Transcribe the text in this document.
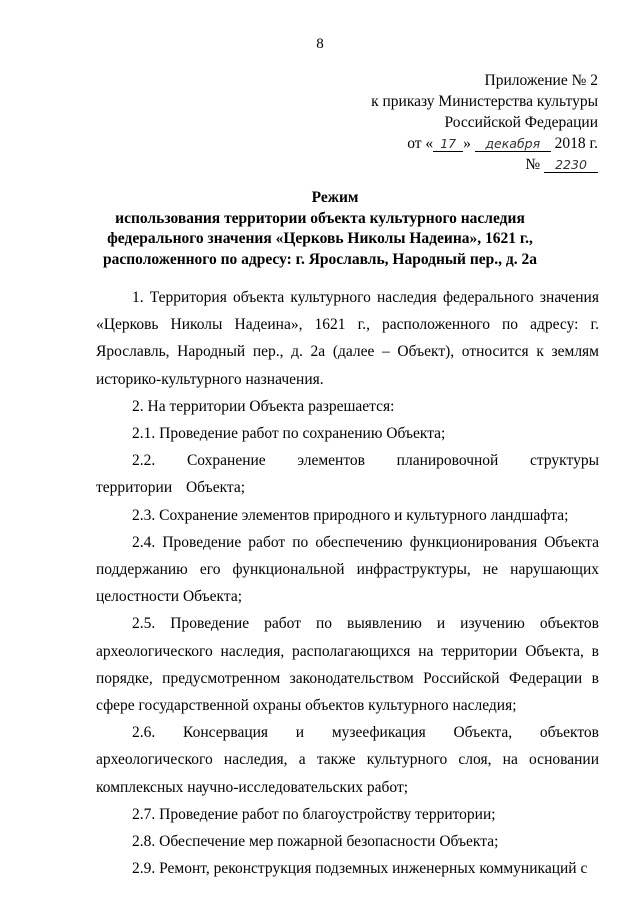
8
Приложение № 2
к приказу Министерства культуры
Российской Федерации
от « 17 » декабря 2018 г.
№ 2230
Режим
использования территории объекта культурного наследия
федерального значения «Церковь Николы Надеина», 1621 г.,
расположенного по адресу: г. Ярославль, Народный пер., д. 2а

1. Территория объекта культурного наследия федерального значения «Церковь Николы Надеина», 1621 г., расположенного по адресу: г. Ярославль, Народный пер., д. 2а (далее – Объект), относится к землям историко-культурного назначения.

2. На территории Объекта разрешается:

2.1. Проведение работ по сохранению Объекта;

2.2. Сохранение элементов планировочной структуры территории Объекта;

2.3. Сохранение элементов природного и культурного ландшафта;

2.4. Проведение работ по обеспечению функционирования Объекта поддержанию его функциональной инфраструктуры, не нарушающих целостности Объекта;

2.5. Проведение работ по выявлению и изучению объектов археологического наследия, располагающихся на территории Объекта, в порядке, предусмотренном законодательством Российской Федерации в сфере государственной охраны объектов культурного наследия;

2.6. Консервация и музеефикация Объекта, объектов археологического наследия, а также культурного слоя, на основании комплексных научно-исследовательских работ;

2.7. Проведение работ по благоустройству территории;

2.8. Обеспечение мер пожарной безопасности Объекта;

2.9. Ремонт, реконструкция подземных инженерных коммуникаций с
